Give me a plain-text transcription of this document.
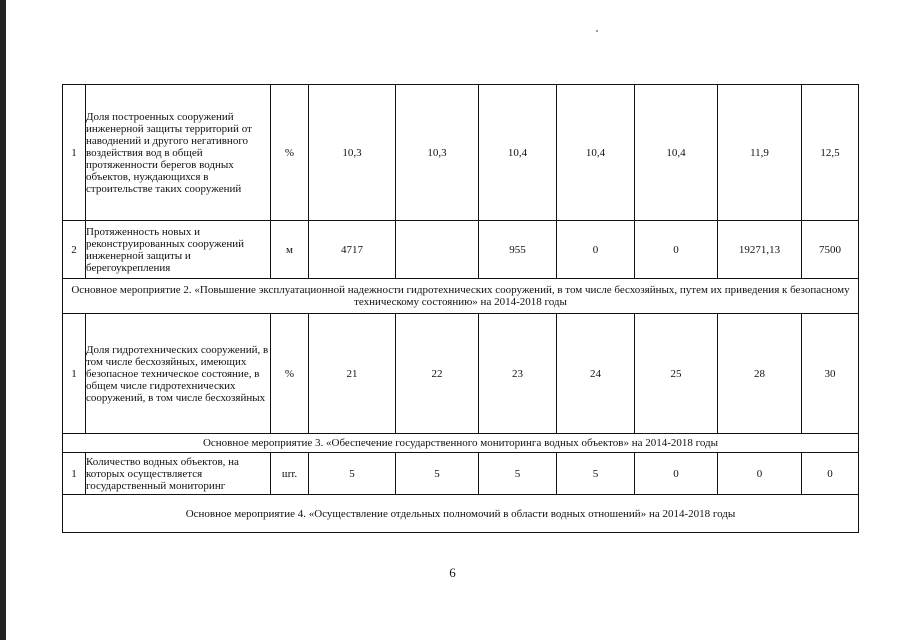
1	Доля построенных сооружений инженерной защиты территорий от наводнений и другого негативного воздействия вод в общей протяженности берегов водных объектов, нуждающихся в строительстве таких сооружений	%	10,3	10,3	10,4	10,4	10,4	11,9	12,5
2	Протяженность новых и реконструированных сооружений инженерной защиты и берегоукрепления	м	4717		955	0	0	19271,13	7500
Основное мероприятие 2. «Повышение эксплуатационной надежности гидротехнических сооружений, в том числе бесхозяйных, путем их приведения к безопасному техническому состоянию» на 2014-2018 годы									
1	Доля гидротехнических сооружений, в том числе бесхозяйных, имеющих безопасное техническое состояние, в общем числе гидротехнических сооружений, в том числе бесхозяйных	%	21	22	23	24	25	28	30
Основное мероприятие 3. «Обеспечение государственного мониторинга водных объектов» на 2014-2018 годы									
1	Количество водных объектов, на которых осуществляется государственный мониторинг	шт.	5	5	5	5	0	0	0
Основное мероприятие 4. «Осуществление отдельных полномочий в области водных отношений» на 2014-2018 годы									
6
